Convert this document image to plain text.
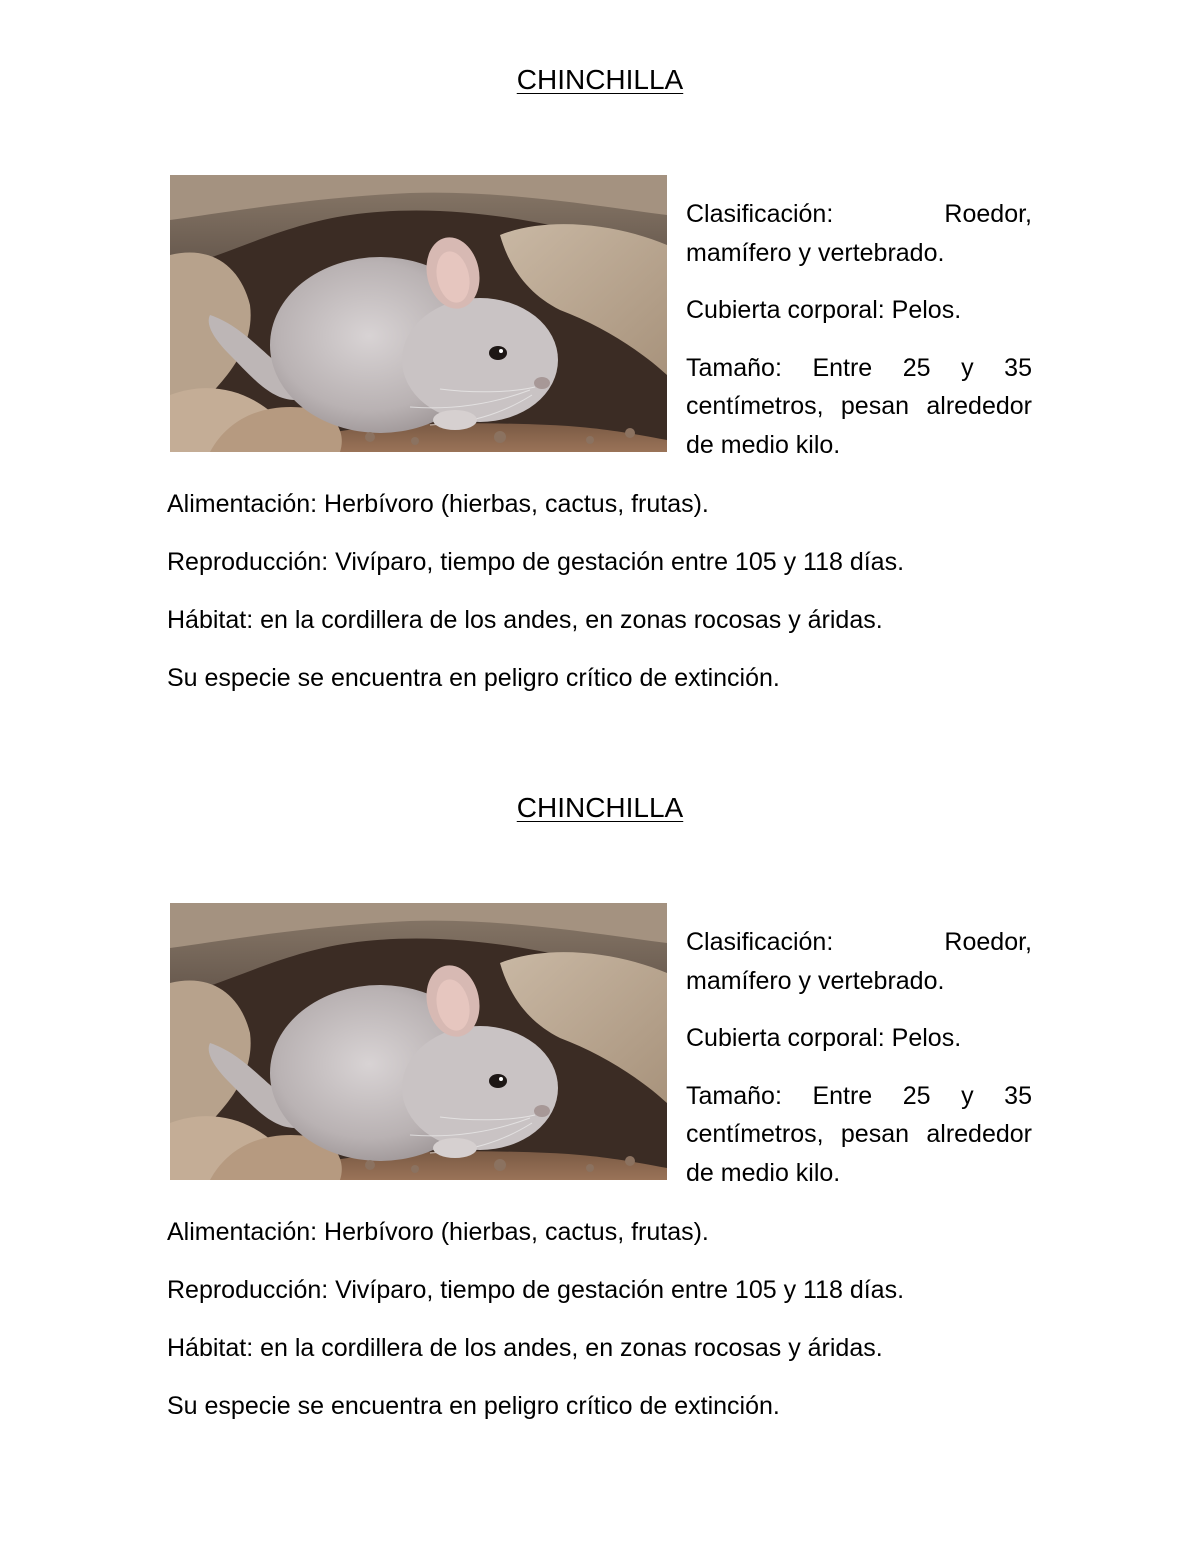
CHINCHILLA

Clasificación: Roedor, mamífero y vertebrado.

Cubierta corporal: Pelos.

Tamaño: Entre 25 y 35 centímetros, pesan alrededor de medio kilo.

Alimentación: Herbívoro (hierbas, cactus, frutas).

Reproducción: Vivíparo, tiempo de gestación entre 105 y 118 días.

Hábitat: en la cordillera de los andes, en zonas rocosas y áridas.

Su especie se encuentra en peligro crítico de extinción.

CHINCHILLA

Clasificación: Roedor, mamífero y vertebrado.

Cubierta corporal: Pelos.

Tamaño: Entre 25 y 35 centímetros, pesan alrededor de medio kilo.

Alimentación: Herbívoro (hierbas, cactus, frutas).

Reproducción: Vivíparo, tiempo de gestación entre 105 y 118 días.

Hábitat: en la cordillera de los andes, en zonas rocosas y áridas.

Su especie se encuentra en peligro crítico de extinción.
